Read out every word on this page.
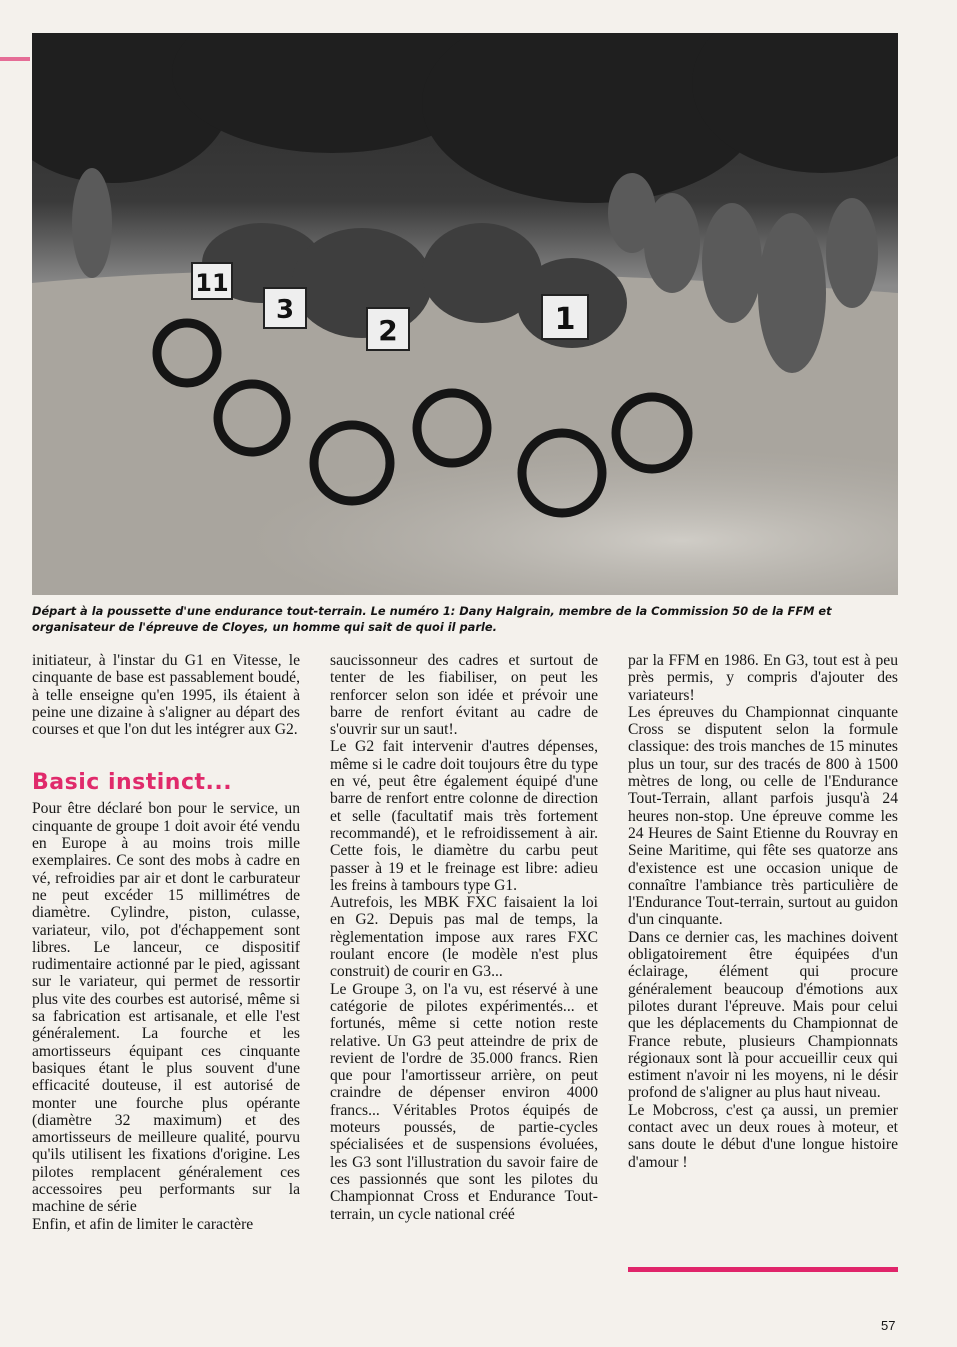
11
3
2	1

Départ à la poussette d'une endurance tout-terrain. Le numéro 1: Dany Halgrain, membre de la Commission 50 de la FFM et organisateur de l'épreuve de Cloyes, un homme qui sait de quoi il parle.

initiateur, à l'instar du G1 en Vitesse, le cinquante de base est passablement boudé, à telle enseigne qu'en 1995, ils étaient à peine une dizaine à s'aligner au départ des courses et que l'on dut les intégrer aux G2.

Basic instinct...

Pour être déclaré bon pour le service, un cinquante de groupe 1 doit avoir été vendu en Europe à au moins trois mille exemplaires. Ce sont des mobs à cadre en vé, refroidies par air et dont le carburateur ne peut excéder 15 millimétres de diamètre. Cylindre, piston, culasse, variateur, vilo, pot d'échappement sont libres. Le lanceur, ce dispositif rudimentaire actionné par le pied, agissant sur le variateur, qui permet de ressortir plus vite des courbes est autorisé, même si sa fabrication est artisanale, et elle l'est généralement. La fourche et les amortisseurs équipant ces cinquante basiques étant le plus souvent d'une efficacité douteuse, il est autorisé de monter une fourche plus opérante (diamètre 32 maximum) et des amortisseurs de meilleure qualité, pourvu qu'ils utilisent les fixations d'origine. Les pilotes remplacent généralement ces accessoires peu performants sur la machine de série

Enfin, et afin de limiter le caractère

saucissonneur des cadres et surtout de tenter de les fiabiliser, on peut les renforcer selon son idée et prévoir une barre de renfort évitant au cadre de s'ouvrir sur un saut!.

Le G2 fait intervenir d'autres dépenses, même si le cadre doit toujours être du type en vé, peut être également équipé d'une barre de renfort entre colonne de direction et selle (facultatif mais très fortement recommandé), et le refroidissement à air. Cette fois, le diamètre du carbu peut passer à 19 et le freinage est libre: adieu les freins à tambours type G1.

Autrefois, les MBK FXC faisaient la loi en G2. Depuis pas mal de temps, la règlementation impose aux rares FXC roulant encore (le modèle n'est plus construit) de courir en G3...

Le Groupe 3, on l'a vu, est réservé à une catégorie de pilotes expérimentés... et fortunés, même si cette notion reste relative. Un G3 peut atteindre de prix de revient de l'ordre de 35.000 francs. Rien que pour l'amortisseur arrière, on peut craindre de dépenser environ 4000 francs... Véritables Protos équipés de moteurs poussés, de partie-cycles spécialisées et de suspensions évoluées, les G3 sont l'illustration du savoir faire de ces passionnés que sont les pilotes du Championnat Cross et Endurance Tout-terrain, un cycle national créé

par la FFM en 1986. En G3, tout est à peu près permis, y compris d'ajouter des variateurs!

Les épreuves du Championnat cinquante Cross se disputent selon la formule classique: des trois manches de 15 minutes plus un tour, sur des tracés de 800 à 1500 mètres de long, ou celle de l'Endurance Tout-Terrain, allant parfois jusqu'à 24 heures non-stop. Une épreuve comme les 24 Heures de Saint Etienne du Rouvray en Seine Maritime, qui fête ses quatorze ans d'existence est une occasion unique de connaître l'ambiance très particulière de l'Endurance Tout-terrain, surtout au guidon d'un cinquante.

Dans ce dernier cas, les machines doivent obligatoirement être équipées d'un éclairage, élément qui procure généralement beaucoup d'émotions aux pilotes durant l'épreuve. Mais pour celui que les déplacements du Championnat de France rebute, plusieurs Championnats régionaux sont là pour accueillir ceux qui estiment n'avoir ni les moyens, ni le désir profond de s'aligner au plus haut niveau.

Le Mobcross, c'est ça aussi, un premier contact avec un deux roues à moteur, et sans doute le début d'une longue histoire d'amour !

57
